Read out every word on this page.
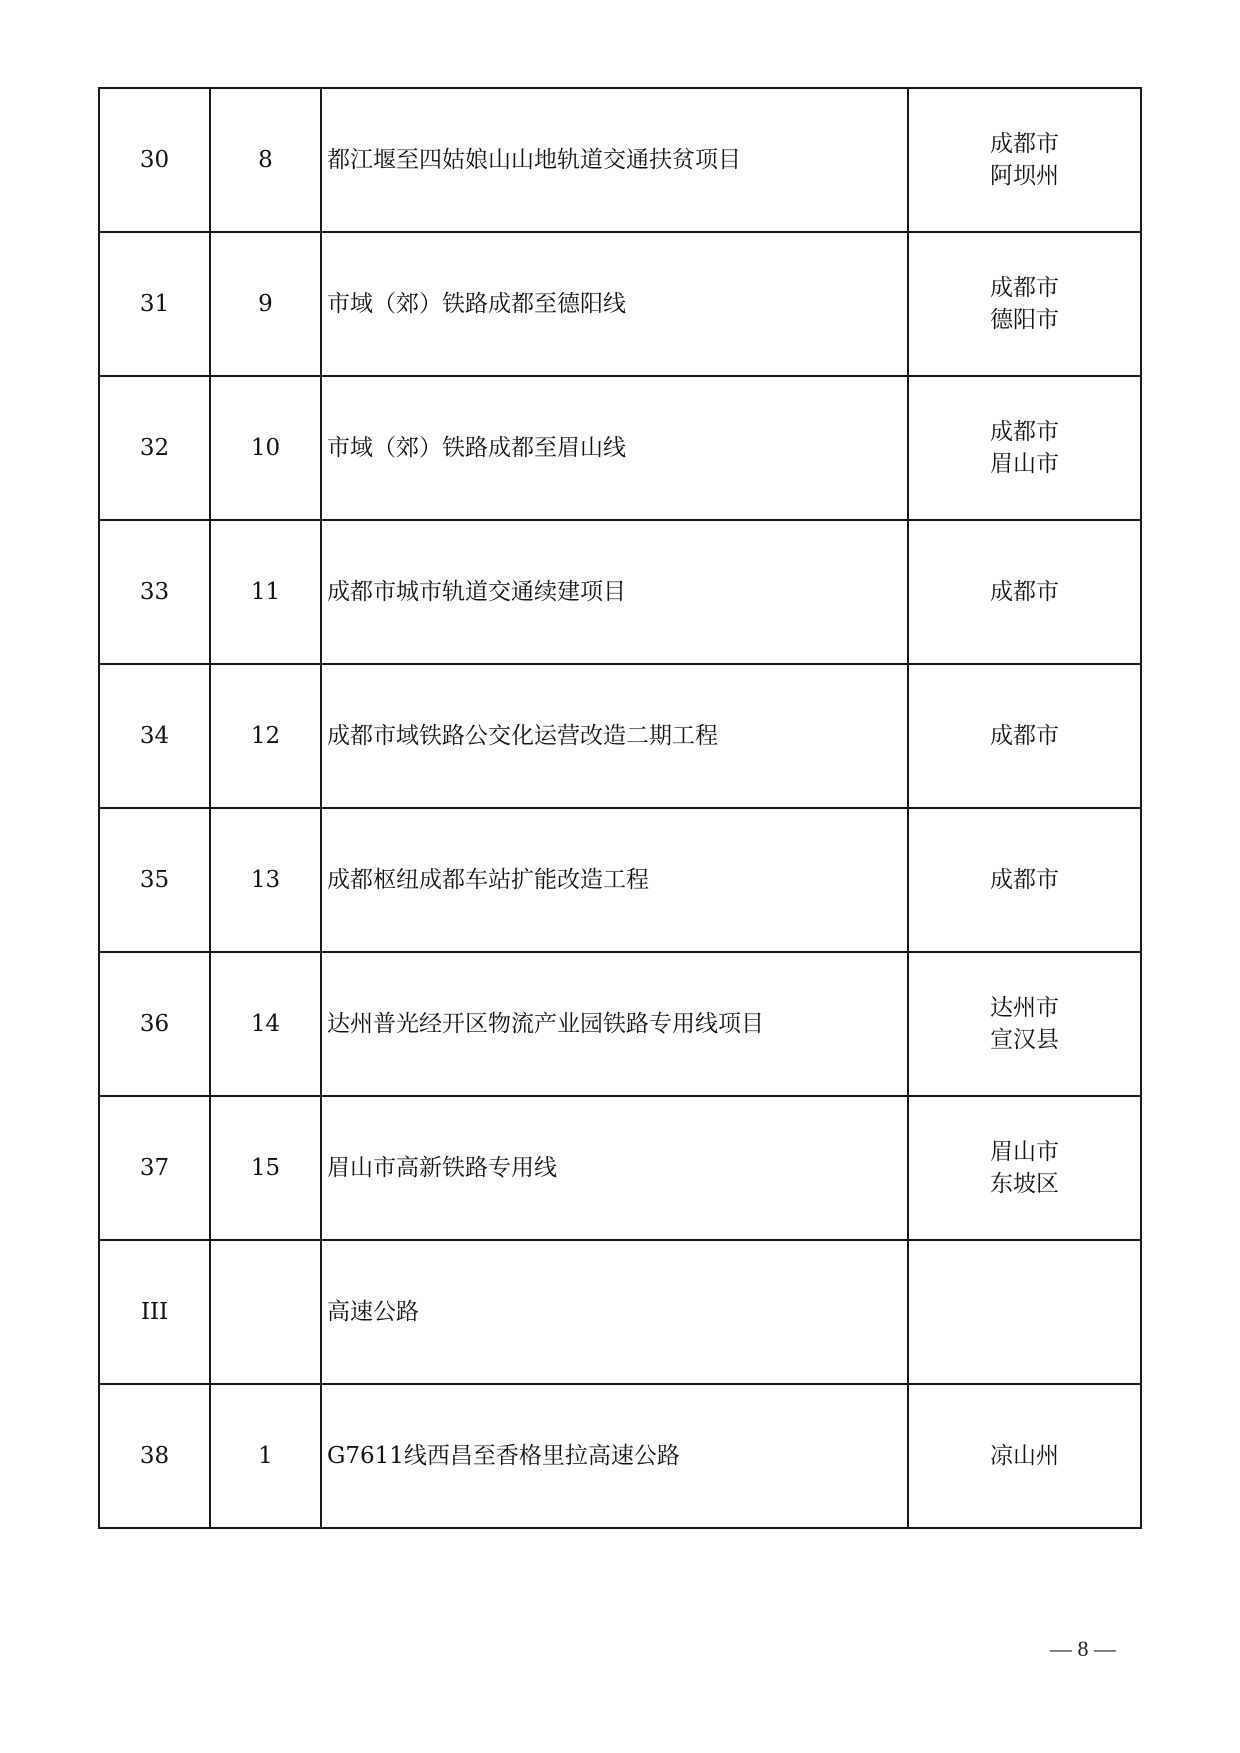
30	8	都江堰至四姑娘山山地轨道交通扶贫项目	成都市
阿坝州

31	9	市域（郊）铁路成都至德阳线	成都市
德阳市

32	10	市域（郊）铁路成都至眉山线	成都市
眉山市

33	11	成都市城市轨道交通续建项目	成都市

34	12	成都市域铁路公交化运营改造二期工程	成都市

35	13	成都枢纽成都车站扩能改造工程	成都市

36	14	达州普光经开区物流产业园铁路专用线项目	达州市
宣汉县

37	15	眉山市高新铁路专用线	眉山市
东坡区

III		高速公路	
38	1	G7611线西昌至香格里拉高速公路	凉山州
— 8 —
